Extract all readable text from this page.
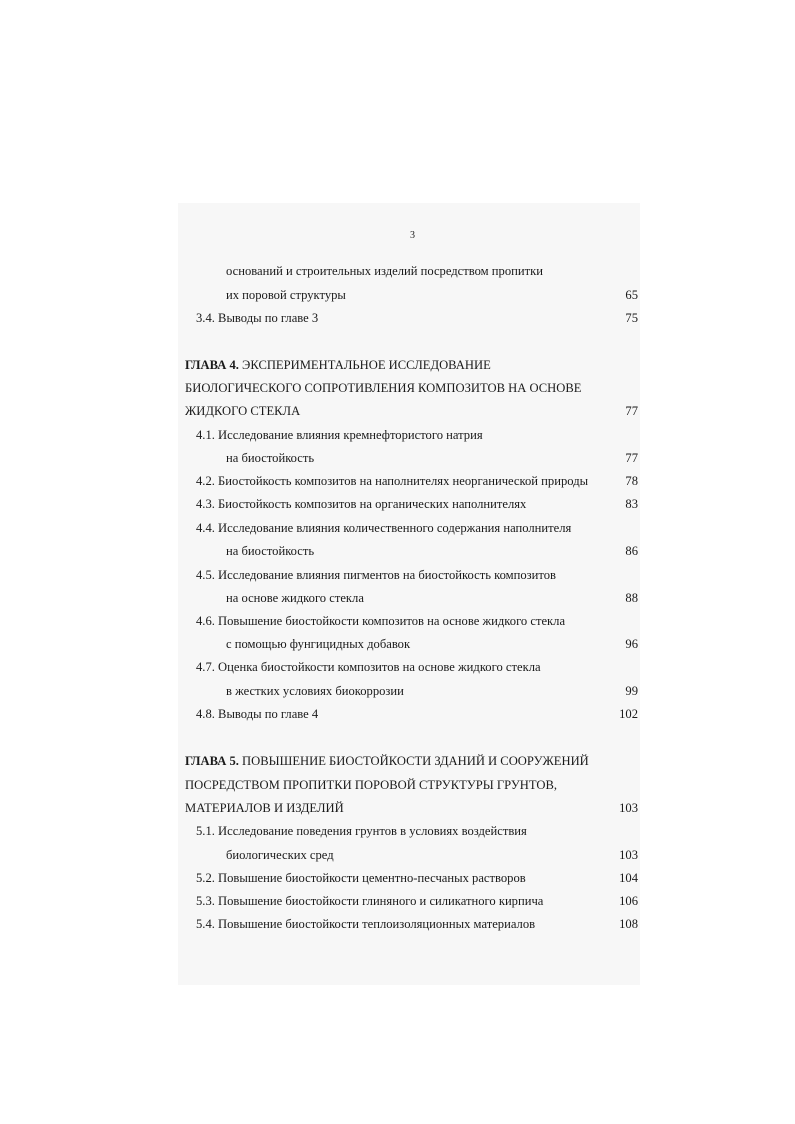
3
оснований и строительных изделий посредством пропитки
их поровой структуры	65
3.4. Выводы по главе 3	75
ГЛАВА 4. ЭКСПЕРИМЕНТАЛЬНОЕ ИССЛЕДОВАНИЕ
БИОЛОГИЧЕСКОГО СОПРОТИВЛЕНИЯ КОМПОЗИТОВ НА ОСНОВЕ
ЖИДКОГО СТЕКЛА	77
4.1. Исследование влияния кремнефтористого натрия
на биостойкость	77
4.2. Биостойкость композитов на наполнителях неорганической природы	78
4.3. Биостойкость композитов на органических наполнителях	83
4.4. Исследование влияния количественного содержания наполнителя
на биостойкость	86
4.5. Исследование влияния пигментов на биостойкость композитов
на основе жидкого стекла	88
4.6. Повышение биостойкости композитов на основе жидкого стекла
с помощью фунгицидных добавок	96
4.7. Оценка биостойкости композитов на основе жидкого стекла
в жестких условиях биокоррозии	99
4.8. Выводы по главе 4	102
ГЛАВА 5. ПОВЫШЕНИЕ БИОСТОЙКОСТИ ЗДАНИЙ И СООРУЖЕНИЙ
ПОСРЕДСТВОМ ПРОПИТКИ ПОРОВОЙ СТРУКТУРЫ ГРУНТОВ,
МАТЕРИАЛОВ И ИЗДЕЛИЙ	103
5.1. Исследование поведения грунтов в условиях воздействия
биологических сред	103
5.2. Повышение биостойкости цементно-песчаных растворов	104
5.3. Повышение биостойкости глиняного и силикатного кирпича	106
5.4. Повышение биостойкости теплоизоляционных материалов	108
